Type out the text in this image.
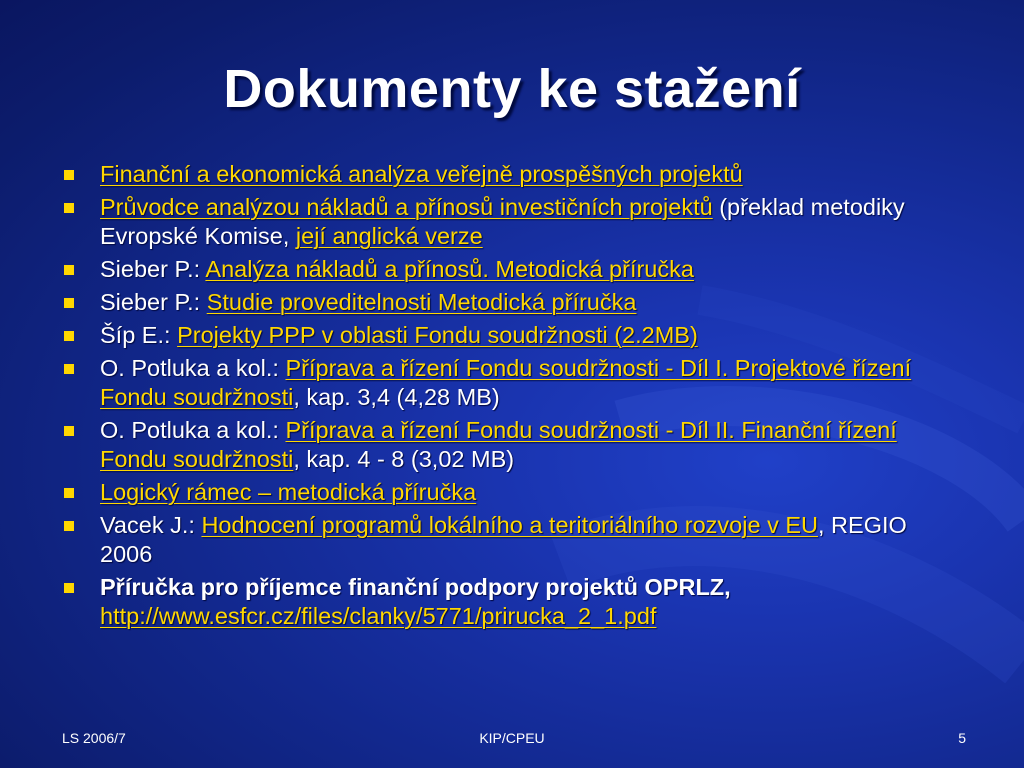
Dokumenty ke stažení
Finanční a ekonomická analýza veřejně prospěšných projektů
Průvodce analýzou nákladů a přínosů investičních projektů (překlad metodiky Evropské Komise, její anglická verze
Sieber P.: Analýza nákladů a přínosů. Metodická příručka
Sieber P.: Studie proveditelnosti Metodická příručka
Šíp E.: Projekty PPP v oblasti Fondu soudržnosti (2.2MB)
O. Potluka a kol.: Příprava a řízení Fondu soudržnosti - Díl I. Projektové řízení Fondu soudržnosti, kap. 3,4 (4,28 MB)
O. Potluka a kol.: Příprava a řízení Fondu soudržnosti - Díl II. Finanční řízení Fondu soudržnosti, kap. 4 - 8 (3,02 MB)
Logický rámec – metodická příručka
Vacek J.: Hodnocení programů lokálního a teritoriálního rozvoje v EU, REGIO 2006
Příručka pro příjemce finanční podpory projektů OPRLZ,
http://www.esfcr.cz/files/clanky/5771/prirucka_2_1.pdf
LS 2006/7	KIP/CPEU	5
